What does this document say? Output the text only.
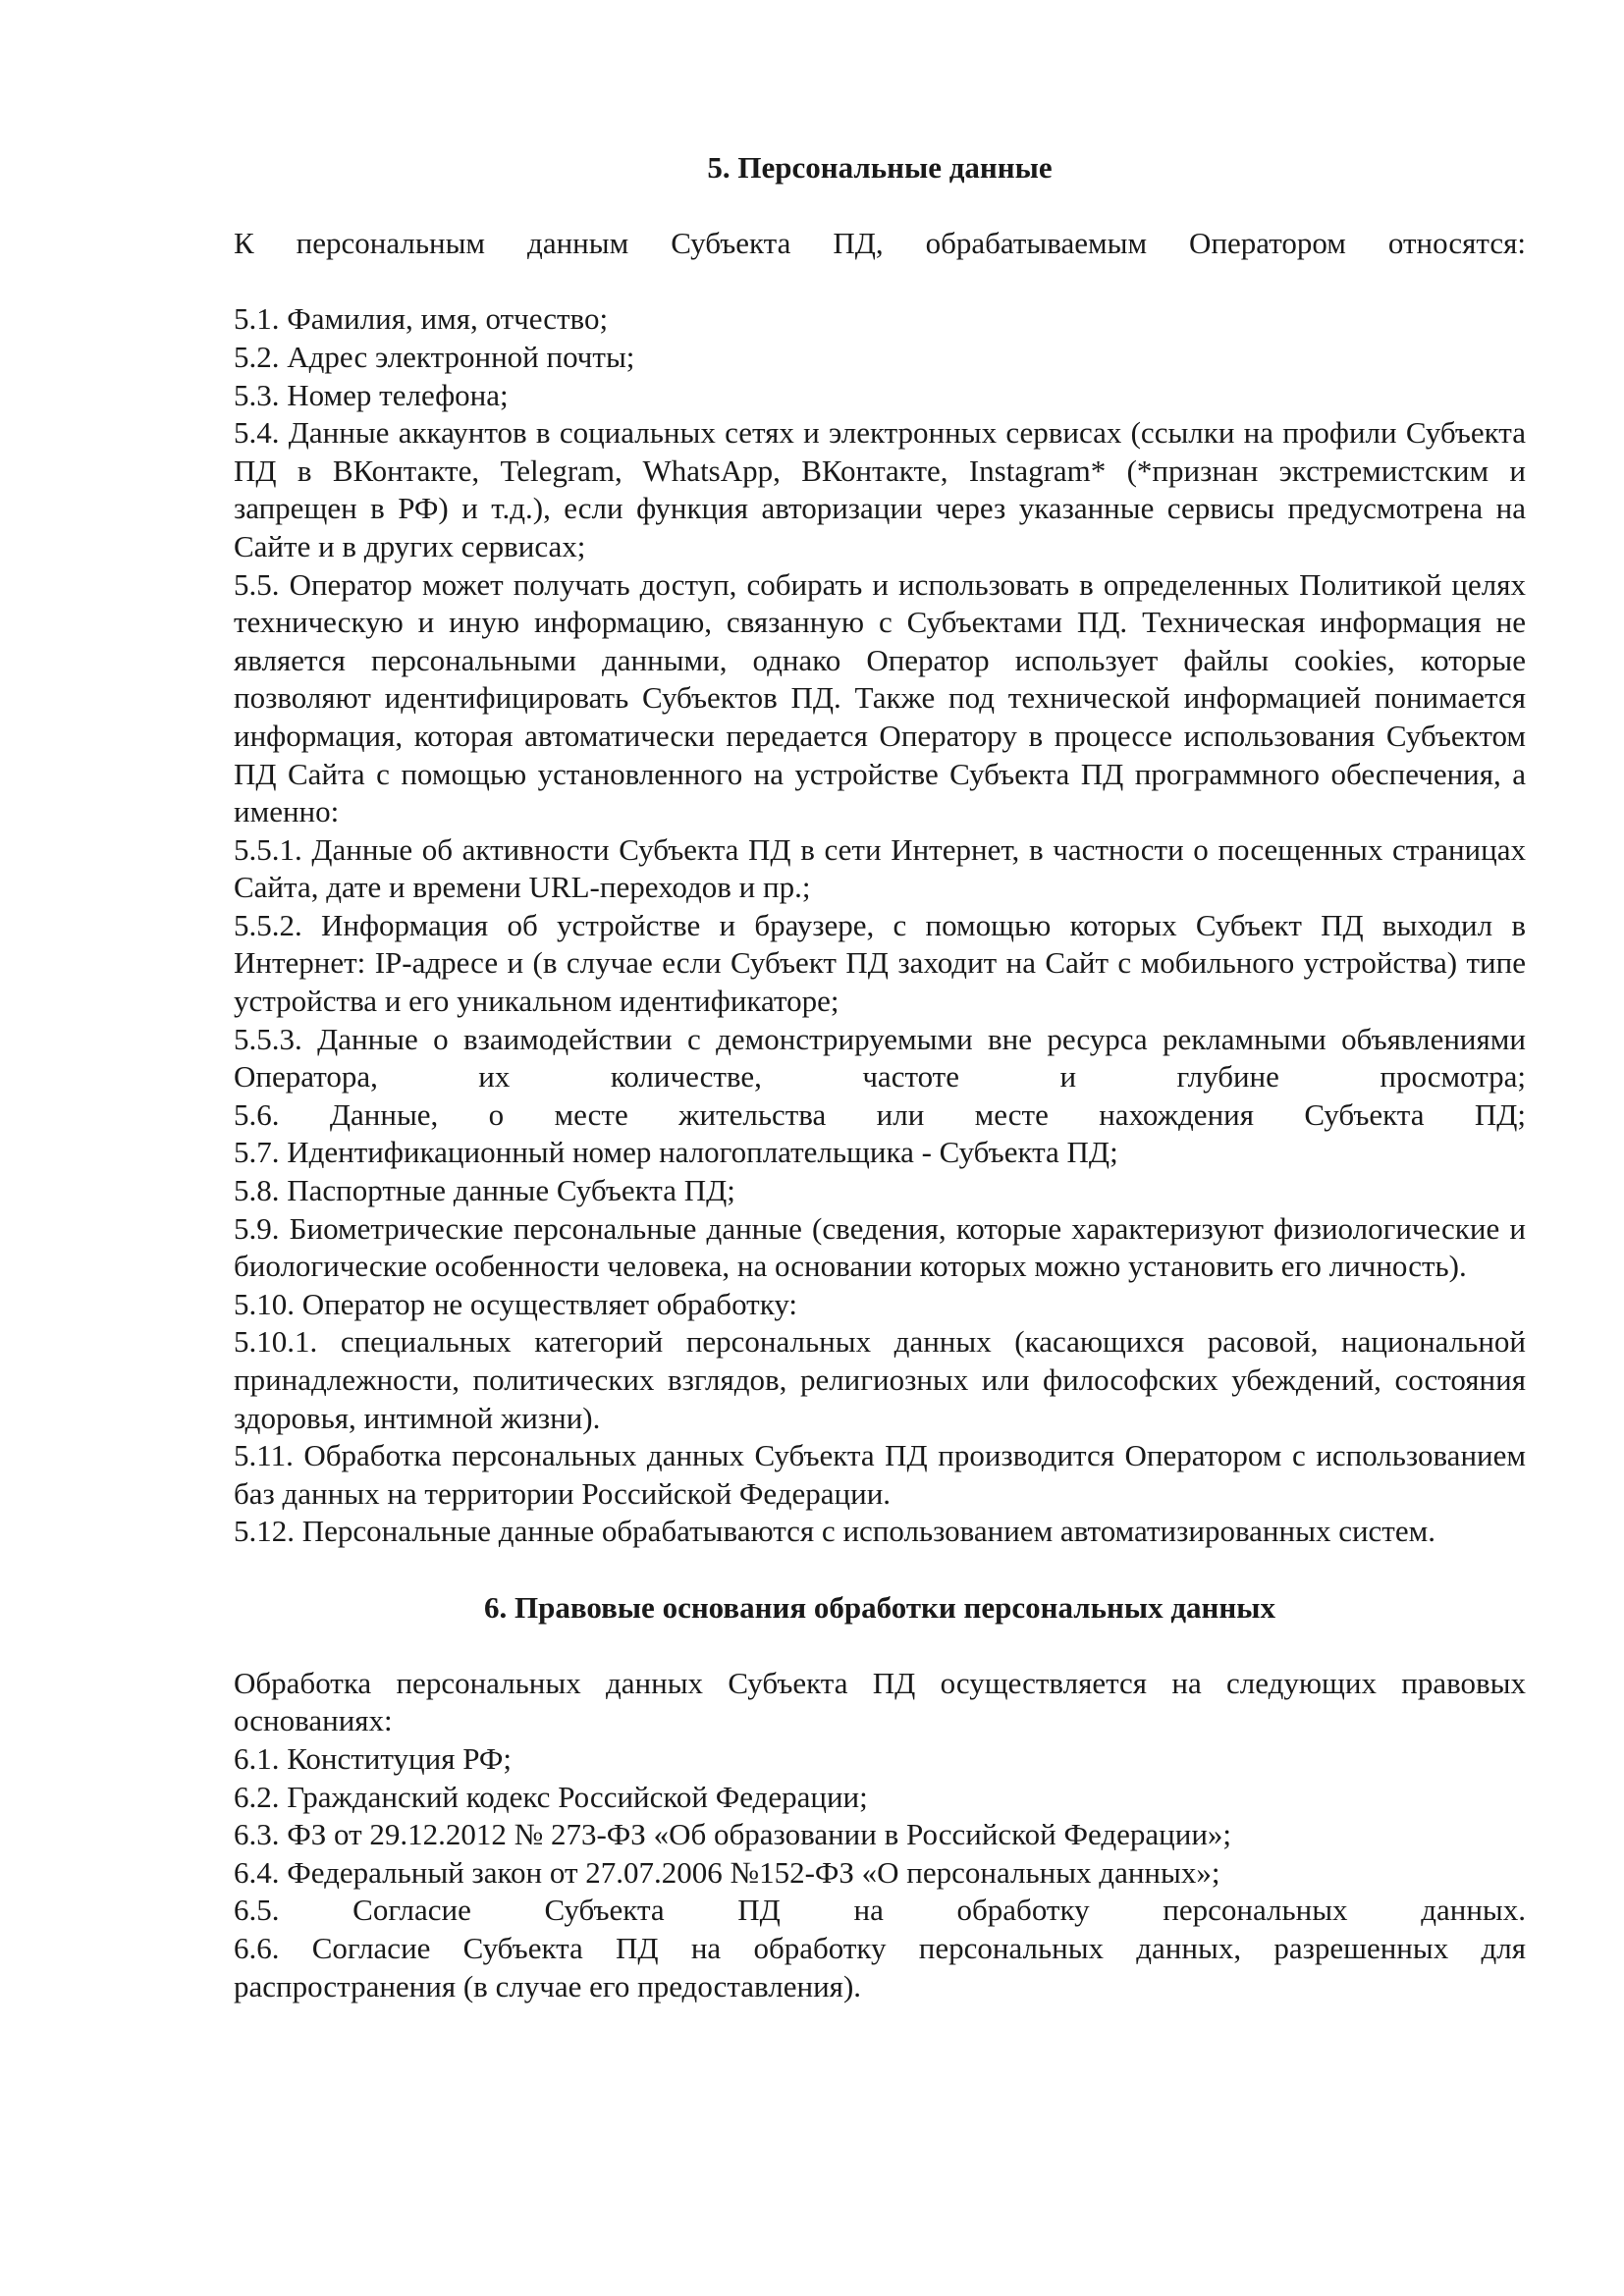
5. Персональные данные

К персональным данным Субъекта ПД, обрабатываемым Оператором относятся:

5.1. Фамилия, имя, отчество;

5.2. Адрес электронной почты;

5.3. Номер телефона;

5.4. Данные аккаунтов в социальных сетях и электронных сервисах (ссылки на профили Субъекта ПД в ВКонтакте, Telegram, WhatsApp, ВКонтакте, Instagram* (*признан экстремистским и запрещен в РФ) и т.д.), если функция авторизации через указанные сервисы предусмотрена на Сайте и в других сервисах;

5.5. Оператор может получать доступ, собирать и использовать в определенных Политикой целях техническую и иную информацию, связанную с Субъектами ПД. Техническая информация не является персональными данными, однако Оператор использует файлы cookies, которые позволяют идентифицировать Субъектов ПД. Также под технической информацией понимается информация, которая автоматически передается Оператору в процессе использования Субъектом ПД Сайта с помощью установленного на устройстве Субъекта ПД программного обеспечения, а именно:

5.5.1. Данные об активности Субъекта ПД в сети Интернет, в частности о посещенных страницах Сайта, дате и времени URL-переходов и пр.;

5.5.2. Информация об устройстве и браузере, с помощью которых Субъект ПД выходил в Интернет: IP-адресе и (в случае если Субъект ПД заходит на Сайт с мобильного устройства) типе устройства и его уникальном идентификаторе;

5.5.3. Данные о взаимодействии с демонстрируемыми вне ресурса рекламными объявлениями Оператора, их количестве, частоте и глубине просмотра;

5.6. Данные, о месте жительства или месте нахождения Субъекта ПД;

5.7. Идентификационный номер налогоплательщика - Субъекта ПД;

5.8. Паспортные данные Субъекта ПД;

5.9. Биометрические персональные данные (сведения, которые характеризуют физиологические и биологические особенности человека, на основании которых можно установить его личность).

5.10. Оператор не осуществляет обработку:

5.10.1. специальных категорий персональных данных (касающихся расовой, национальной принадлежности, политических взглядов, религиозных или философских убеждений, состояния здоровья, интимной жизни).

5.11. Обработка персональных данных Субъекта ПД производится Оператором с использованием баз данных на территории Российской Федерации.

5.12. Персональные данные обрабатываются с использованием автоматизированных систем.

6. Правовые основания обработки персональных данных

Обработка персональных данных Субъекта ПД осуществляется на следующих правовых основаниях:

6.1. Конституция РФ;

6.2. Гражданский кодекс Российской Федерации;

6.3. ФЗ от 29.12.2012 № 273-ФЗ «Об образовании в Российской Федерации»;

6.4. Федеральный закон от 27.07.2006 №152-ФЗ «О персональных данных»;

6.5. Согласие Субъекта ПД на обработку персональных данных.

6.6. Согласие Субъекта ПД на обработку персональных данных, разрешенных для распространения (в случае его предоставления).
